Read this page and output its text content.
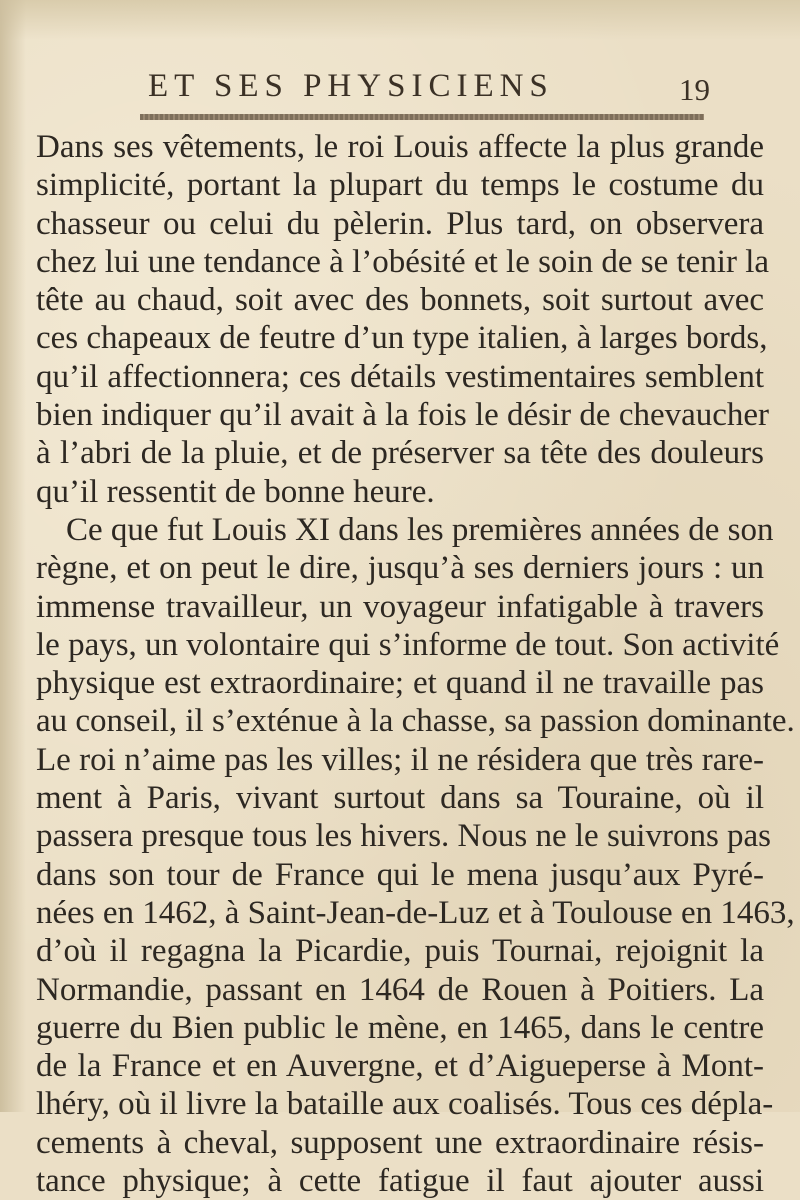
ET SES PHYSICIENS	19
Dans ses vêtements, le roi Louis affecte la plus grande
simplicité, portant la plupart du temps le costume du
chasseur ou celui du pèlerin. Plus tard, on observera
chez lui une tendance à l’obésité et le soin de se tenir la
tête au chaud, soit avec des bonnets, soit surtout avec
ces chapeaux de feutre d’un type italien, à larges bords,
qu’il affectionnera; ces détails vestimentaires semblent
bien indiquer qu’il avait à la fois le désir de chevaucher
à l’abri de la pluie, et de préserver sa tête des douleurs
qu’il ressentit de bonne heure.
Ce que fut Louis XI dans les premières années de son
règne, et on peut le dire, jusqu’à ses derniers jours : un
immense travailleur, un voyageur infatigable à travers
le pays, un volontaire qui s’informe de tout. Son activité
physique est extraordinaire; et quand il ne travaille pas
au conseil, il s’exténue à la chasse, sa passion dominante.
Le roi n’aime pas les villes; il ne résidera que très rare-
ment à Paris, vivant surtout dans sa Touraine, où il
passera presque tous les hivers. Nous ne le suivrons pas
dans son tour de France qui le mena jusqu’aux Pyré-
nées en 1462, à Saint-Jean-de-Luz et à Toulouse en 1463,
d’où il regagna la Picardie, puis Tournai, rejoignit la
Normandie, passant en 1464 de Rouen à Poitiers. La
guerre du Bien public le mène, en 1465, dans le centre
de la France et en Auvergne, et d’Aigueperse à Mont-
lhéry, où il livre la bataille aux coalisés. Tous ces dépla-
cements à cheval, supposent une extraordinaire résis-
tance physique; à cette fatigue il faut ajouter aussi
